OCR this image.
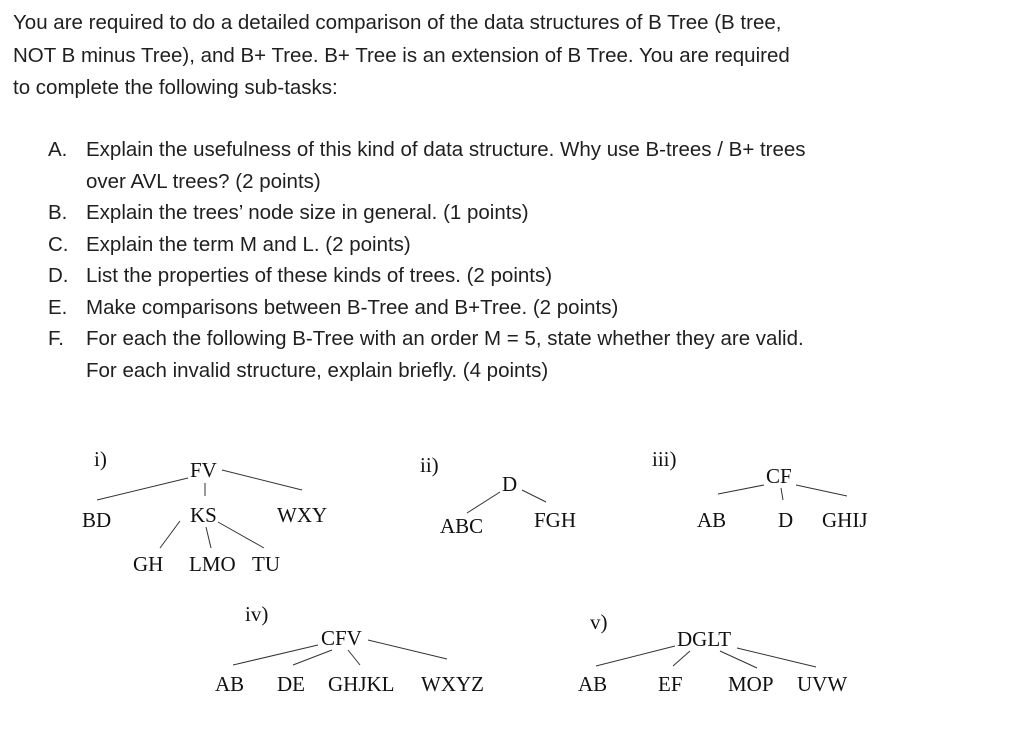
You are required to do a detailed comparison of the data structures of B Tree (B tree,
NOT B minus Tree), and B+ Tree. B+ Tree is an extension of B Tree. You are required
to complete the following sub-tasks:
A. Explain the usefulness of this kind of data structure. Why use B-trees / B+ trees
over AVL trees? (2 points)
B. Explain the trees’ node size in general. (1 points)
C. Explain the term M and L. (2 points)
D. List the properties of these kinds of trees. (2 points)
E. Make comparisons between B-Tree and B+Tree. (2 points)
F. For each the following B-Tree with an order M = 5, state whether they are valid.
For each invalid structure, explain briefly. (4 points)
i)	FV
BD	KS	WXY
GH LMO TU
ii)
D
ABC FGH
iii)
CF
AB D GHIJ
iv)
CFV
AB DE GHJKL WXYZ
v)
DGLT
AB EF MOP UVW
